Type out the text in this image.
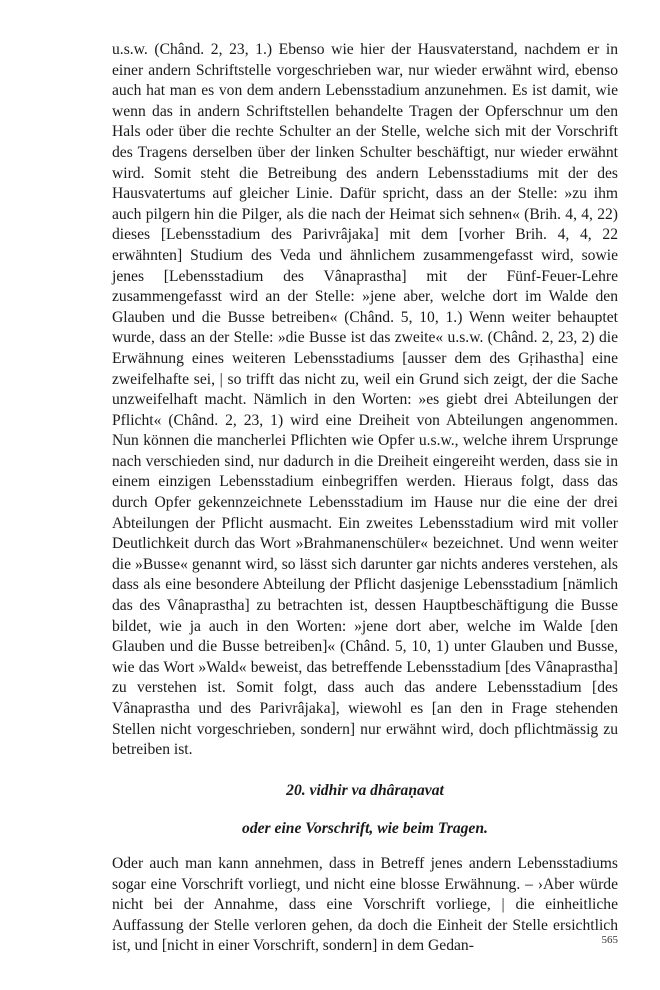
u.s.w. (Chând. 2, 23, 1.) Ebenso wie hier der Hausvaterstand, nachdem er in einer andern Schriftstelle vorgeschrieben war, nur wieder erwähnt wird, ebenso auch hat man es von dem andern Lebensstadium anzunehmen. Es ist damit, wie wenn das in andern Schriftstellen behandelte Tragen der Opferschnur um den Hals oder über die rechte Schulter an der Stelle, welche sich mit der Vorschrift des Tragens derselben über der linken Schulter beschäftigt, nur wieder erwähnt wird. Somit steht die Betreibung des andern Lebensstadiums mit der des Hausvatertums auf gleicher Linie. Dafür spricht, dass an der Stelle: »zu ihm auch pilgern hin die Pilger, als die nach der Heimat sich sehnen« (Brih. 4, 4, 22) dieses [Lebensstadium des Parivrâjaka] mit dem [vorher Brih. 4, 4, 22 erwähnten] Studium des Veda und ähnlichem zusammengefasst wird, sowie jenes [Lebensstadium des Vânaprastha] mit der Fünf-Feuer-Lehre zusammengefasst wird an der Stelle: »jene aber, welche dort im Walde den Glauben und die Busse betreiben« (Chând. 5, 10, 1.) Wenn weiter behauptet wurde, dass an der Stelle: »die Busse ist das zweite« u.s.w. (Chând. 2, 23, 2) die Erwähnung eines weiteren Lebensstadiums [ausser dem des Gṛihastha] eine zweifelhafte sei, | so trifft das nicht zu, weil ein Grund sich zeigt, der die Sache unzweifelhaft macht. Nämlich in den Worten: »es giebt drei Abteilungen der Pflicht« (Chând. 2, 23, 1) wird eine Dreiheit von Abteilungen angenommen. Nun können die mancherlei Pflichten wie Opfer u.s.w., welche ihrem Ursprunge nach verschieden sind, nur dadurch in die Dreiheit eingereiht werden, dass sie in einem einzigen Lebensstadium einbegriffen werden. Hieraus folgt, dass das durch Opfer gekennzeichnete Lebensstadium im Hause nur die eine der drei Abteilungen der Pflicht ausmacht. Ein zweites Lebensstadium wird mit voller Deutlichkeit durch das Wort »Brahmanenschüler« bezeichnet. Und wenn weiter die »Busse« genannt wird, so lässt sich darunter gar nichts anderes verstehen, als dass als eine besondere Abteilung der Pflicht dasjenige Lebensstadium [nämlich das des Vânaprastha] zu betrachten ist, dessen Hauptbeschäftigung die Busse bildet, wie ja auch in den Worten: »jene dort aber, welche im Walde [den Glauben und die Busse betreiben]« (Chând. 5, 10, 1) unter Glauben und Busse, wie das Wort »Wald« beweist, das betreffende Lebensstadium [des Vânaprastha] zu verstehen ist. Somit folgt, dass auch das andere Lebensstadium [des Vânaprastha und des Parivrâjaka], wiewohl es [an den in Frage stehenden Stellen nicht vorgeschrieben, sondern] nur erwähnt wird, doch pflichtmässig zu betreiben ist.

20. vidhir va dhâraṇavat

oder eine Vorschrift, wie beim Tragen.

Oder auch man kann annehmen, dass in Betreff jenes andern Lebensstadiums sogar eine Vorschrift vorliegt, und nicht eine blosse Erwähnung. – ›Aber würde nicht bei der Annahme, dass eine Vorschrift vorliege, | die einheitliche Auffassung der Stelle verloren gehen, da doch die Einheit der Stelle ersichtlich ist, und [nicht in einer Vorschrift, sondern] in dem Gedan-	565
